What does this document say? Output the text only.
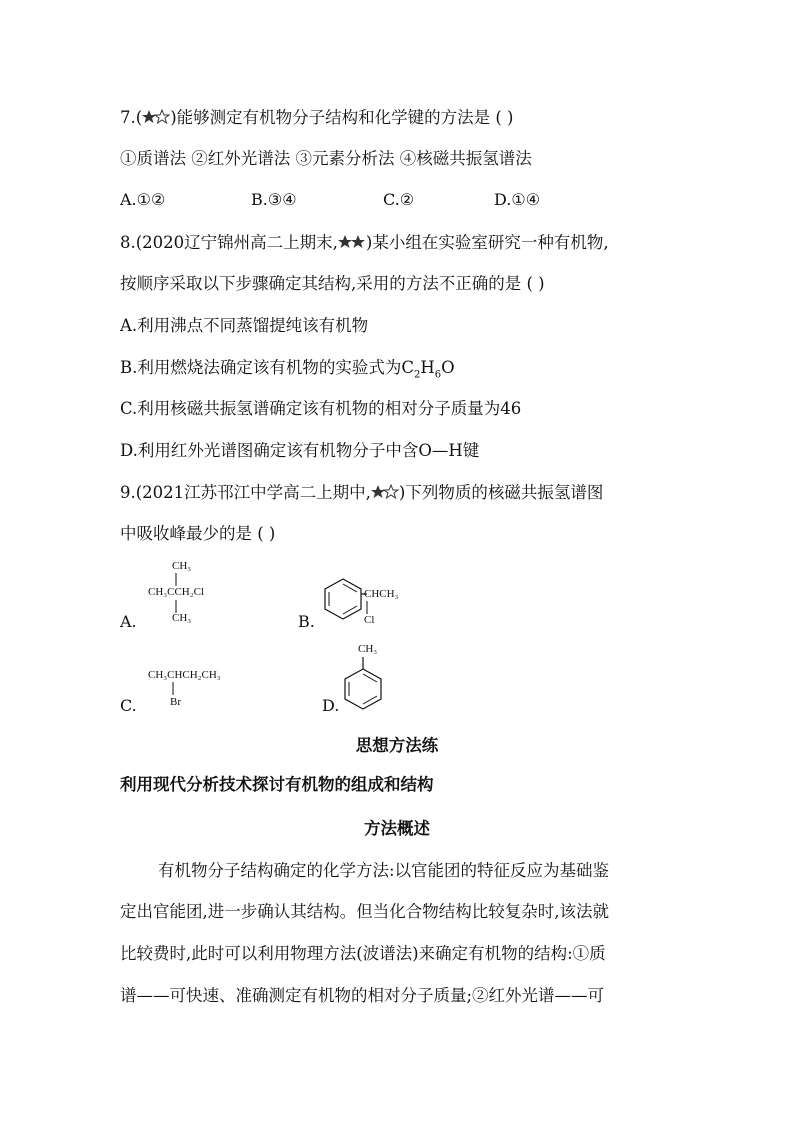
7.( )能够测定有机物分子结构和化学键的方法是 ( )
①质谱法 ②红外光谱法 ③元素分析法 ④核磁共振氢谱法
A.①②	B.③④	C.②	D.①④
8.(2020辽宁锦州高二上期末, )某小组在实验室研究一种有机物,
按顺序采取以下步骤确定其结构,采用的方法不正确的是 ( )
A.利用沸点不同蒸馏提纯该有机物
B.利用燃烧法确定该有机物的实验式为$C_2H_6O$
C.利用核磁共振氢谱确定该有机物的相对分子质量为46
D.利用红外光谱图确定该有机物分子中含O—H键
9.(2021江苏邗江中学高二上期中, )下列物质的核磁共振氢谱图
中吸收峰最少的是 ( )
A.
CH₃
CH₃CCH₂Cl
CH₃	B.
CHCH₃
Cl
C.
CH₃CHCH₂CH₃
Br	D.
CH₃
思想方法练
利用现代分析技术探讨有机物的组成和结构
方法概述
有机物分子结构确定的化学方法:以官能团的特征反应为基础鉴
定出官能团,进一步确认其结构。但当化合物结构比较复杂时,该法就
比较费时,此时可以利用物理方法(波谱法)来确定有机物的结构:①质
谱——可快速、准确测定有机物的相对分子质量;②红外光谱——可
